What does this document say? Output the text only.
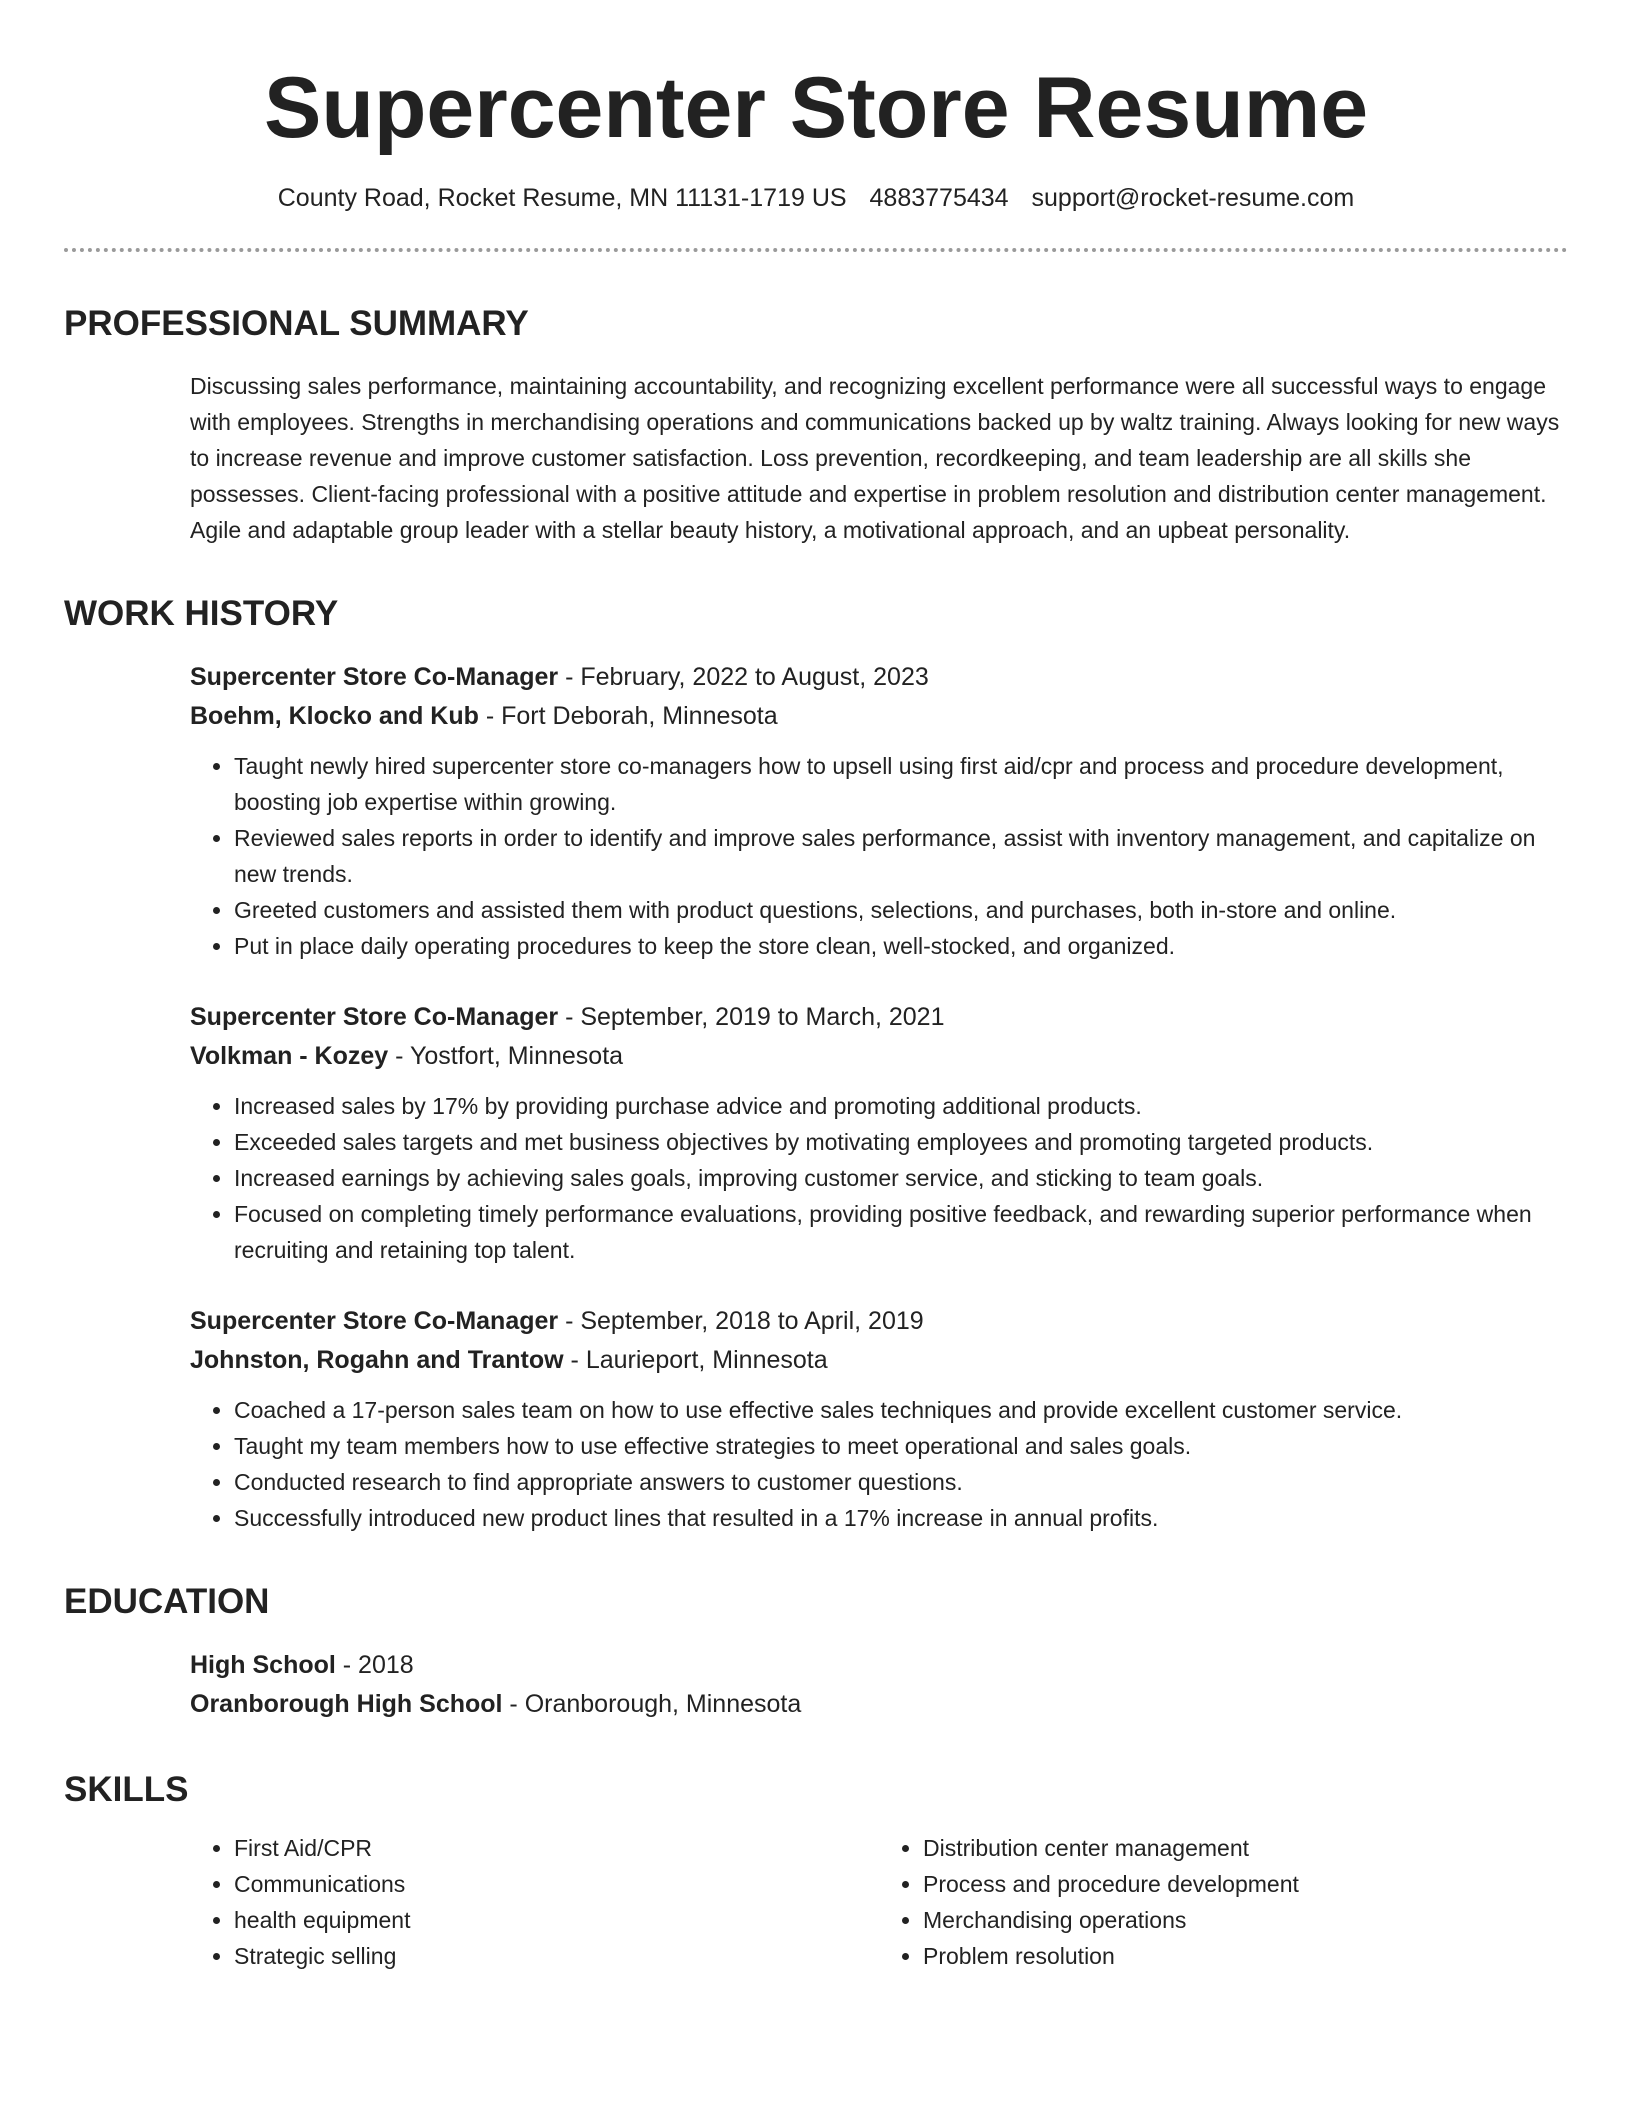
Supercenter Store Resume
County Road, Rocket Resume, MN 11131-1719 US 4883775434 support@rocket-resume.com
PROFESSIONAL SUMMARY
Discussing sales performance, maintaining accountability, and recognizing excellent performance were all successful ways to engage with employees. Strengths in merchandising operations and communications backed up by waltz training. Always looking for new ways to increase revenue and improve customer satisfaction. Loss prevention, recordkeeping, and team leadership are all skills she possesses. Client-facing professional with a positive attitude and expertise in problem resolution and distribution center management. Agile and adaptable group leader with a stellar beauty history, a motivational approach, and an upbeat personality.
WORK HISTORY
Supercenter Store Co-Manager - February, 2022 to August, 2023
Boehm, Klocko and Kub - Fort Deborah, Minnesota
• Taught newly hired supercenter store co-managers how to upsell using first aid/cpr and process and procedure development, boosting job expertise within growing.
• Reviewed sales reports in order to identify and improve sales performance, assist with inventory management, and capitalize on new trends.
• Greeted customers and assisted them with product questions, selections, and purchases, both in-store and online.
• Put in place daily operating procedures to keep the store clean, well-stocked, and organized.
Supercenter Store Co-Manager - September, 2019 to March, 2021
Volkman - Kozey - Yostfort, Minnesota
• Increased sales by 17% by providing purchase advice and promoting additional products.
• Exceeded sales targets and met business objectives by motivating employees and promoting targeted products.
• Increased earnings by achieving sales goals, improving customer service, and sticking to team goals.
• Focused on completing timely performance evaluations, providing positive feedback, and rewarding superior performance when recruiting and retaining top talent.
Supercenter Store Co-Manager - September, 2018 to April, 2019
Johnston, Rogahn and Trantow - Laurieport, Minnesota
• Coached a 17-person sales team on how to use effective sales techniques and provide excellent customer service.
• Taught my team members how to use effective strategies to meet operational and sales goals.
• Conducted research to find appropriate answers to customer questions.
• Successfully introduced new product lines that resulted in a 17% increase in annual profits.
EDUCATION
High School - 2018
Oranborough High School - Oranborough, Minnesota
SKILLS
• First Aid/CPR
• Communications
• health equipment
• Strategic selling
• Distribution center management
• Process and procedure development
• Merchandising operations
• Problem resolution
